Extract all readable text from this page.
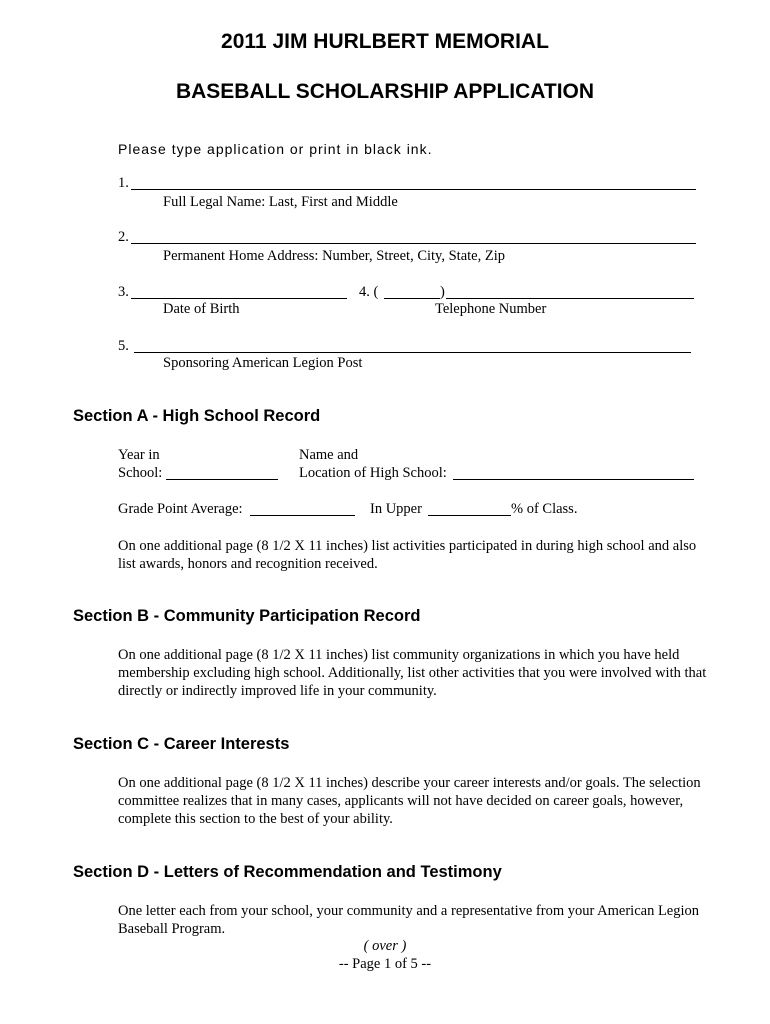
2011 JIM HURLBERT MEMORIAL
BASEBALL SCHOLARSHIP APPLICATION
Please type application or print in black ink.
1.
Full Legal Name: Last, First and Middle
2.
Permanent Home Address: Number, Street, City, State, Zip
3.	4. (	)
Date of Birth	Telephone Number
5.
Sponsoring American Legion Post
Section A - High School Record
Year in
School:
Name and
Location of High School:
Grade Point Average:	In Upper	% of Class.
On one additional page (8 1/2 X 11 inches) list activities participated in during high school and also list awards, honors and recognition received.
Section B - Community Participation Record
On one additional page (8 1/2 X 11 inches) list community organizations in which you have held membership excluding high school. Additionally, list other activities that you were involved with that directly or indirectly improved life in your community.
Section C - Career Interests
On one additional page (8 1/2 X 11 inches) describe your career interests and/or goals. The selection committee realizes that in many cases, applicants will not have decided on career goals, however, complete this section to the best of your ability.
Section D - Letters of Recommendation and Testimony
One letter each from your school, your community and a representative from your American Legion Baseball Program.
( over )
-- Page 1 of 5 --
